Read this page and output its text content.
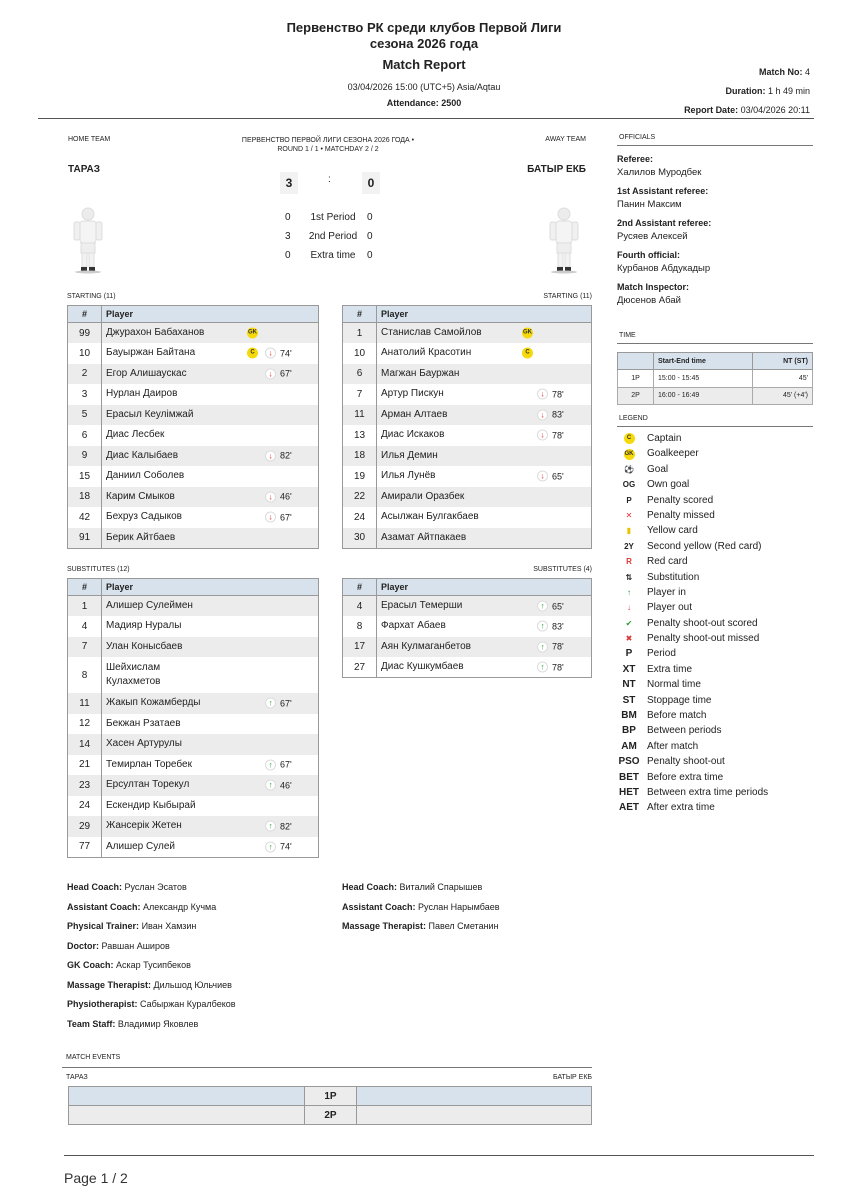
Первенство РК среди клубов Первой Лиги
сезона 2026 года
Match Report
03/04/2026 15:00 (UTC+5) Asia/Aqtau
Attendance: 2500
Match No: 4
Duration: 1 h 49 min
Report Date: 03/04/2026 20:11
HOME TEAM	ПЕРВЕНСТВО ПЕРВОЙ ЛИГИ СЕЗОНА 2026 ГОДА •
ROUND 1 / 1 • MATCHDAY 2 / 2
AWAY TEAM
ТАРАЗ	БАТЫР ЕКБ
3	:	0
0	1st Period	0
3	2nd Period 0
0	Extra time	0
STARTING (11)	STARTING (11)
SUBSTITUTES (12)	SUBSTITUTES (4)
#	Player
99	Джурахон Бабаханов GK

10	Бауыржан Байтана C ↓ 74'

2	Егор Алишаускас ↓ 67'

3	Нурлан Даиров
5	Ерасыл Кеулімжай
6	Диас Лесбек
9	Диас Калыбаев ↓ 82'

15	Даниил Соболев
18	Карим Смыков ↓ 46'

42	Бехруз Садыков ↓ 67'

91	Берик Айтбаев
#	Player
1	Станислав Самойлов GK

10	Анатолий Красотин C

6	Магжан Бауржан
7	Артур Пискун ↓ 78'

11	Арман Алтаев ↓ 83'

13	Диас Искаков ↓ 78'

18	Илья Демин
19	Илья Лунёв ↓ 65'

22	Амирали Оразбек
24	Асылжан Булгакбаев
30	Азамат Айтпакаев
#	Player
1	Алишер Сулеймен
4	Мадияр Нуралы
7	Улан Конысбаев
8	Шейхислам Кулахметов
11	Жакып Кожамберды ↑ 67'

12	Бекжан Рзатаев
14	Хасен Артурулы
21	Темирлан Торебек ↑ 67'

23	Ерсултан Торекул ↑ 46'

24	Ескендир Кыбырай
29	Жансерік Жетен ↑ 82'

77	Алишер Сулей ↑ 74'
#	Player
4	Ерасыл Темерши ↑ 65'

8	Фархат Абаев ↑ 83'

17	Аян Кулмаганбетов ↑ 78'

27	Диас Кушкумбаев ↑ 78'
OFFICIALS
Referee:
Халилов Муродбек
1st Assistant referee:
Панин Максим
2nd Assistant referee:
Русяев Алексей
Fourth official:
Курбанов Абдукадыр
Match Inspector:
Дюсенов Абай
TIME
	Start-End time	NT (ST)
1P	15:00 - 15:45	45'
2P	16:00 - 16:49	45' (+4')
LEGEND
C	Captain
GK	Goalkeeper
⚽	Goal
OG	Own goal
P	Penalty scored
✕	Penalty missed
▮	Yellow card
2Y	Second yellow (Red card)
R	Red card
⇅	Substitution
↑	Player in
↓	Player out
✔	Penalty shoot-out scored
✖	Penalty shoot-out missed
P	Period
XT	Extra time
NT	Normal time
ST	Stoppage time
BM	Before match
BP	Between periods
AM	After match
PSO Penalty shoot-out
BET Before extra time
HET Between extra time periods
AET After extra time
Head Coach: Руслан Эсатов
Assistant Coach: Александр Кучма
Physical Trainer: Иван Хамзин
Doctor: Равшан Аширов
GK Coach: Аскар Тусипбеков
Massage Therapist: Дильшод Юльчиев
Physiotherapist: Сабыржан Куралбеков
Team Staff: Владимир Яковлев
Head Coach: Виталий Спарышев
Assistant Coach: Руслан Нарымбаев
Massage Therapist: Павел Сметанин
MATCH EVENTS
ТАРАЗ	БАТЫР ЕКБ
	1P	
	2P	
Page 1 / 2
